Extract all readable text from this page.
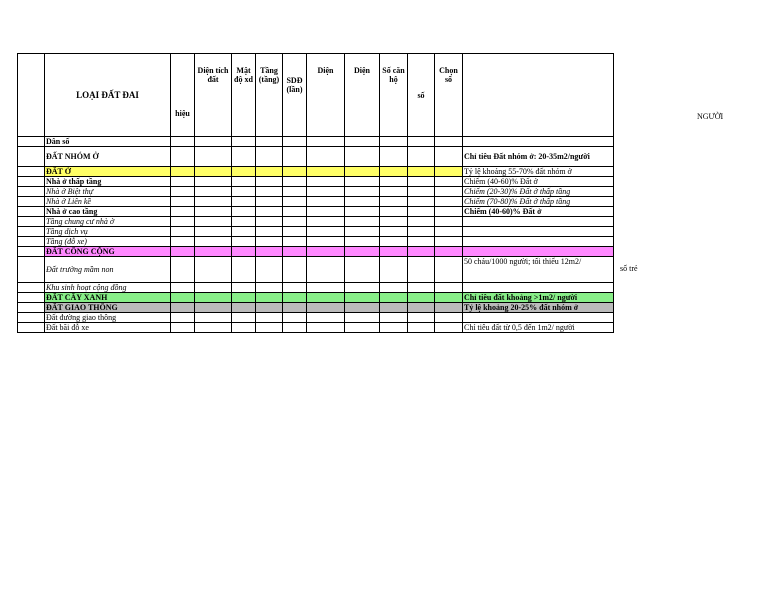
	LOẠI ĐẤT ĐAI	hiệu	Diện tích đất	Mật độ xd	Tầng (tầng)	SDĐ (lần)	Diện	Diện	Số căn hộ	số	Chọn số	
	Dân số											
	ĐẤT NHÓM Ở											Chỉ tiêu Đất nhóm ở: 20-35m2/người
	ĐẤT Ở											Tỷ lệ khoảng 55-70% đất nhóm ở
	Nhà ở thấp tầng											Chiếm (40-60)% Đất ở
	Nhà ở Biệt thự											Chiếm (20-30)% Đất ở thấp tầng
	Nhà ở Liên kề											Chiếm (70-80)% Đất ở thấp tầng
	Nhà ở cao tầng											Chiếm (40-60)% Đất ở
	Tầng chung cư nhà ở											
	Tầng dịch vụ											
	Tầng (đỗ xe)											
	ĐẤT CÔNG CỘNG											
	Đất trường mầm non											50 cháu/1000 người; tối thiểu 12m2/
	Khu sinh hoạt cộng đồng											
	ĐẤT CÂY XANH											Chỉ tiêu đất khoảng >1m2/ người
	ĐẤT GIAO THÔNG											Tỷ lệ khoảng 20-25% đất nhóm ở
	Đất đường giao thông											
	Đất bãi đỗ xe											Chỉ tiêu đất từ 0,5 đến 1m2/ người
NGƯỜI
số trẻ
